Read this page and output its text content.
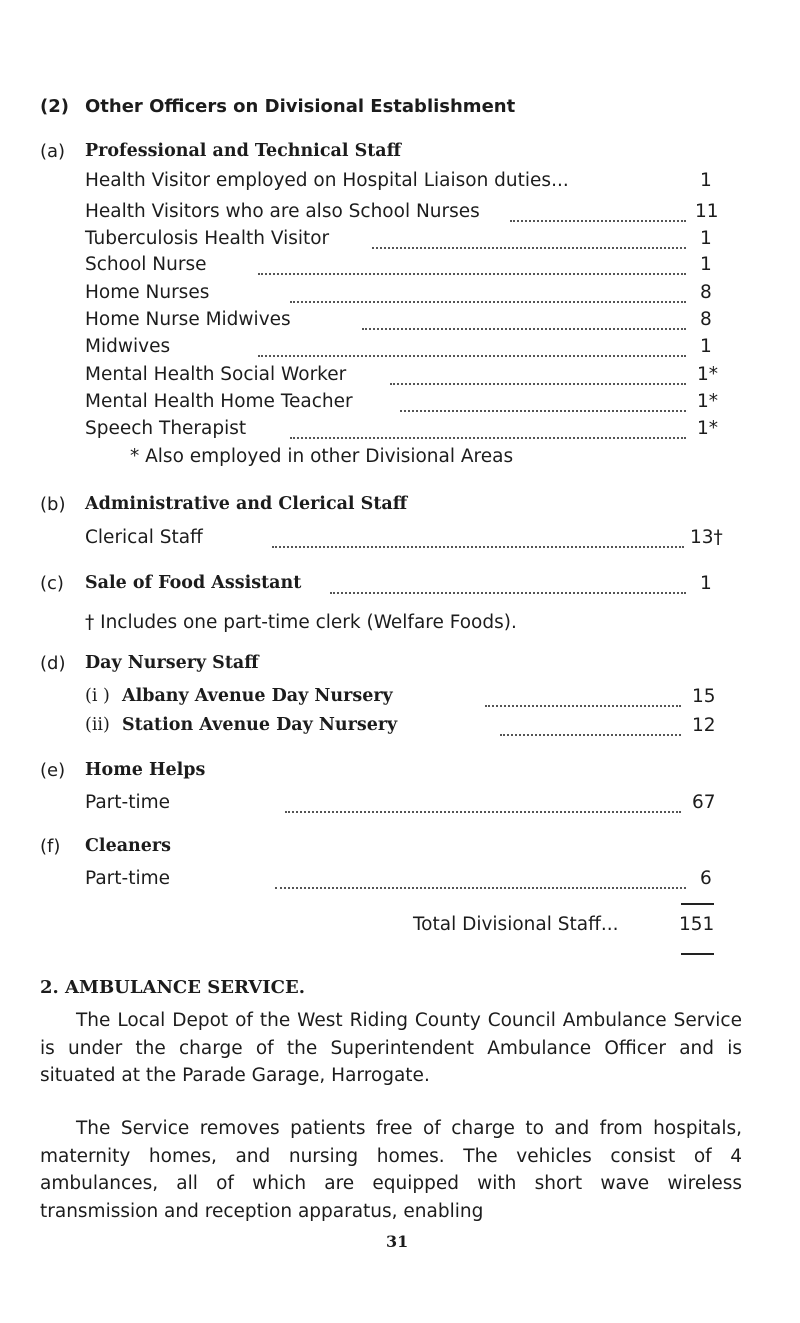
(2) Other Officers on Divisional Establishment
(a) Professional and Technical Staff
Health Visitor employed on Hospital Liaison duties...	1
Health Visitors who are also School Nurses	11
Tuberculosis Health Visitor	1
School Nurse	1
Home Nurses	8
Home Nurse Midwives	8
Midwives	1
Mental Health Social Worker	1*
Mental Health Home Teacher	1*
Speech Therapist	1*
* Also employed in other Divisional Areas
(b) Administrative and Clerical Staff
Clerical Staff	13†
(c) Sale of Food Assistant	1
† Includes one part-time clerk (Welfare Foods).
(d) Day Nursery Staff
(i ) Albany Avenue Day Nursery	15
(ii) Station Avenue Day Nursery	12
(e) Home Helps
Part-time	67
(f) Cleaners
Part-time	6
Total Divisional Staff...	151
2. AMBULANCE SERVICE.
The Local Depot of the West Riding County Council Ambulance Service is under the charge of the Superintendent Ambulance Officer and is situated at the Parade Garage, Harrogate.
The Service removes patients free of charge to and from hospitals, maternity homes, and nursing homes. The vehicles consist of 4 ambulances, all of which are equipped with short wave wireless transmission and reception apparatus, enabling
31
